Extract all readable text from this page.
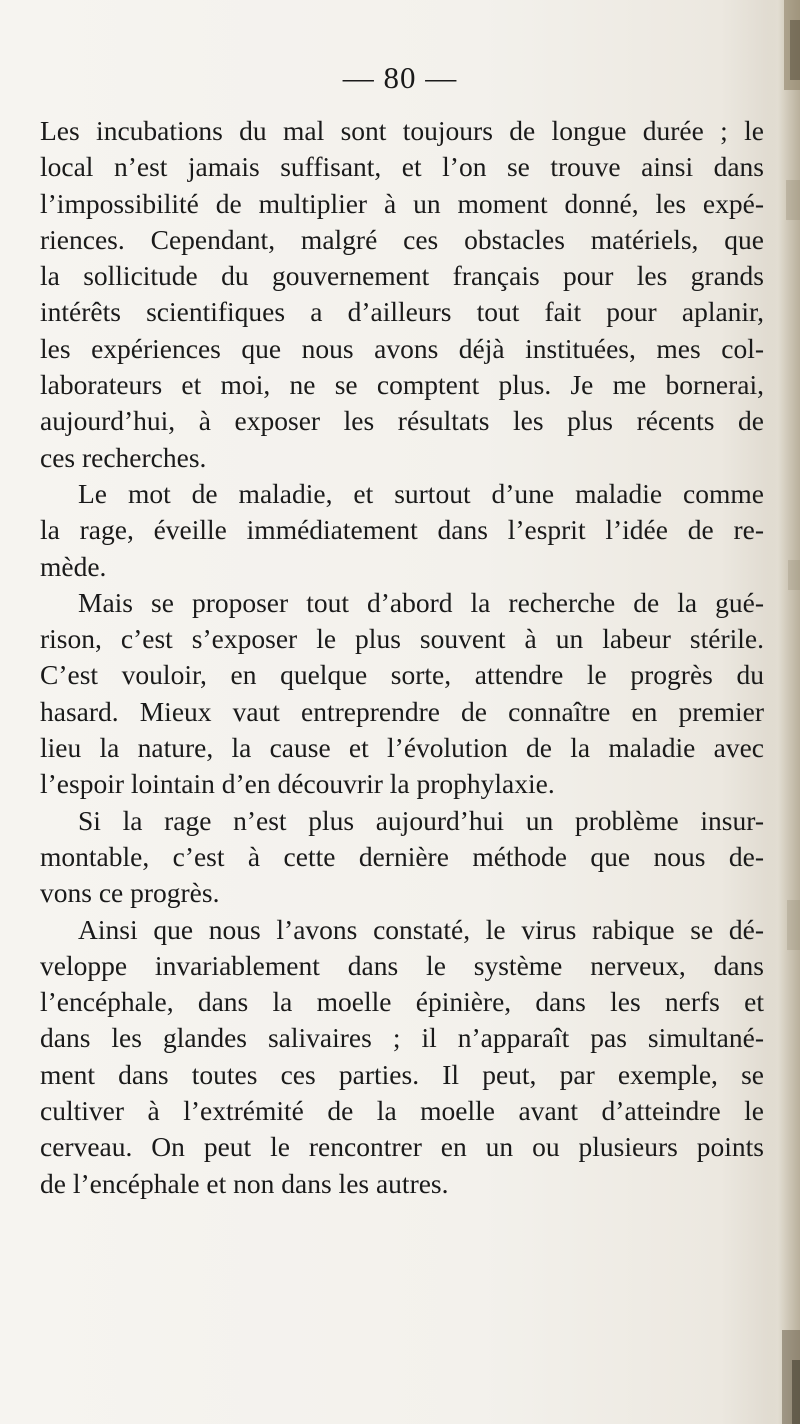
— 80 —
Les incubations du mal sont toujours de longue durée ; le
local n’est jamais suffisant, et l’on se trouve ainsi dans
l’impossibilité de multiplier à un moment donné, les expé-
riences. Cependant, malgré ces obstacles matériels, que
la sollicitude du gouvernement français pour les grands
intérêts scientifiques a d’ailleurs tout fait pour aplanir,
les expériences que nous avons déjà instituées, mes col-
laborateurs et moi, ne se comptent plus. Je me bornerai,
aujourd’hui, à exposer les résultats les plus récents de
ces recherches.
Le mot de maladie, et surtout d’une maladie comme
la rage, éveille immédiatement dans l’esprit l’idée de re-
mède.
Mais se proposer tout d’abord la recherche de la gué-
rison, c’est s’exposer le plus souvent à un labeur stérile.
C’est vouloir, en quelque sorte, attendre le progrès du
hasard. Mieux vaut entreprendre de connaître en premier
lieu la nature, la cause et l’évolution de la maladie avec
l’espoir lointain d’en découvrir la prophylaxie.
Si la rage n’est plus aujourd’hui un problème insur-
montable, c’est à cette dernière méthode que nous de-
vons ce progrès.
Ainsi que nous l’avons constaté, le virus rabique se dé-
veloppe invariablement dans le système nerveux, dans
l’encéphale, dans la moelle épinière, dans les nerfs et
dans les glandes salivaires ; il n’apparaît pas simultané-
ment dans toutes ces parties. Il peut, par exemple, se
cultiver à l’extrémité de la moelle avant d’atteindre le
cerveau. On peut le rencontrer en un ou plusieurs points
de l’encéphale et non dans les autres.
